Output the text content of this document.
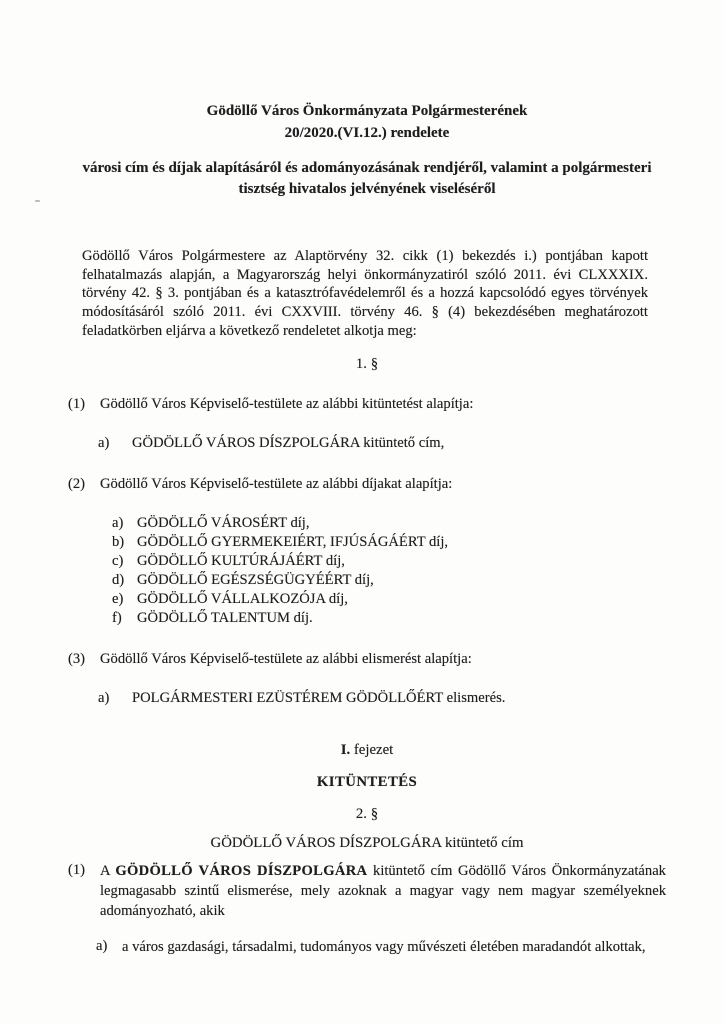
Gödöllő Város Önkormányzata Polgármesterének
20/2020.(VI.12.) rendelete
városi cím és díjak alapításáról és adományozásának rendjéről, valamint a polgármesteri tisztség hivatalos jelvényének viseléséről

Gödöllő Város Polgármestere az Alaptörvény 32. cikk (1) bekezdés i.) pontjában kapott felhatalmazás alapján, a Magyarország helyi önkormányzatiról szóló 2011. évi CLXXXIX. törvény 42. § 3. pontjában és a katasztrófavédelemről és a hozzá kapcsolódó egyes törvények módosításáról szóló 2011. évi CXXVIII. törvény 46. § (4) bekezdésében meghatározott feladatkörben eljárva a következő rendeletet alkotja meg:

1. §
(1)	Gödöllő Város Képviselő-testülete az alábbi kitüntetést alapítja:
a)	GÖDÖLLŐ VÁROS DÍSZPOLGÁRA kitüntető cím,
(2)	Gödöllő Város Képviselő-testülete az alábbi díjakat alapítja:
a) GÖDÖLLŐ VÁROSÉRT díj,
b) GÖDÖLLŐ GYERMEKEIÉRT, IFJÚSÁGÁÉRT díj,
c) GÖDÖLLŐ KULTÚRÁJÁÉRT díj,
d) GÖDÖLLŐ EGÉSZSÉGÜGYÉÉRT díj,
e) GÖDÖLLŐ VÁLLALKOZÓJA díj,
f)	GÖDÖLLŐ TALENTUM díj.
(3)	Gödöllő Város Képviselő-testülete az alábbi elismerést alapítja:
a)	POLGÁRMESTERI EZÜSTÉREM GÖDÖLLŐÉRT elismerés.
I. fejezet
KITÜNTETÉS
2. §
GÖDÖLLŐ VÁROS DÍSZPOLGÁRA kitüntető cím
(1)	A GÖDÖLLŐ VÁROS DÍSZPOLGÁRA kitüntető cím Gödöllő Város Önkormányzatának legmagasabb szintű elismerése, mely azoknak a magyar vagy nem magyar személyeknek adományozható, akik
a)	a város gazdasági, társadalmi, tudományos vagy művészeti életében maradandót alkottak,
